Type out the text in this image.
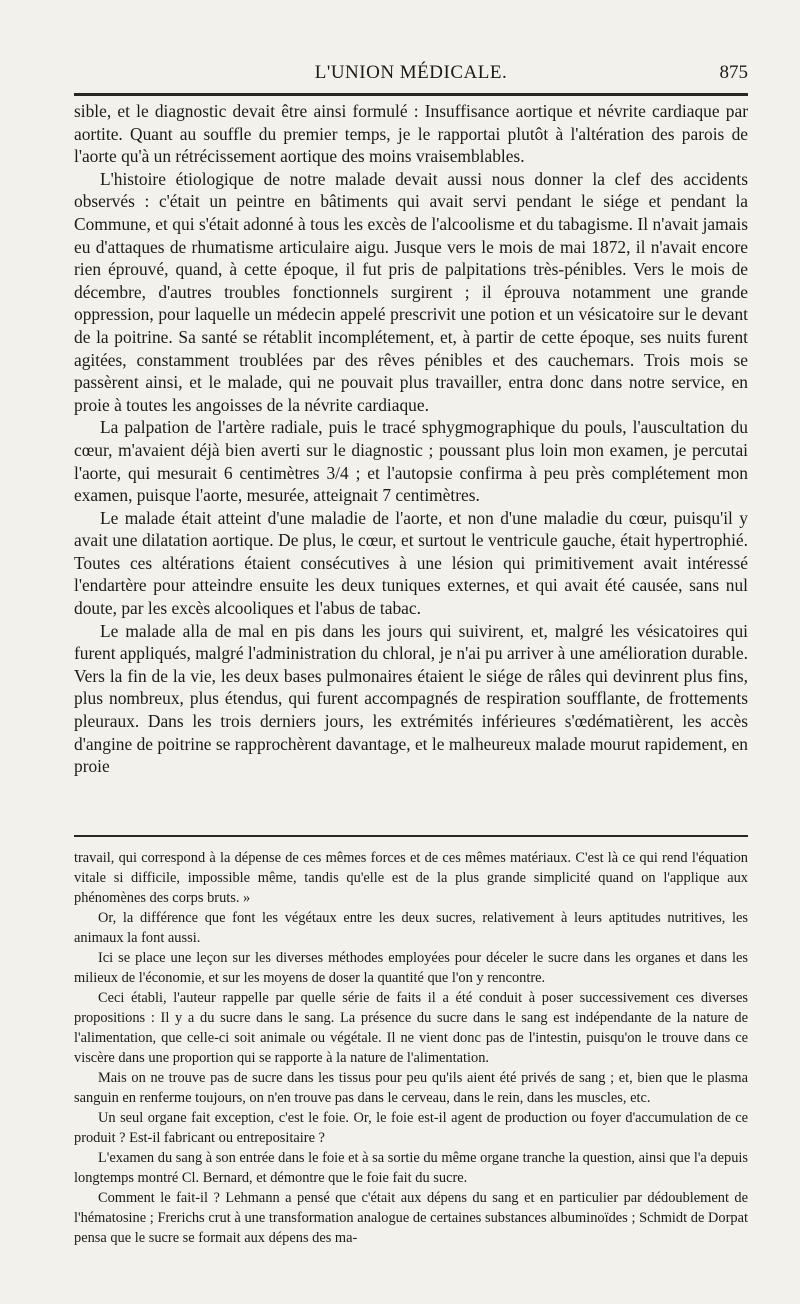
L'UNION MÉDICALE.	875

sible, et le diagnostic devait être ainsi formulé : Insuffisance aortique et névrite cardiaque par aortite. Quant au souffle du premier temps, je le rapportai plutôt à l'altération des parois de l'aorte qu'à un rétrécissement aortique des moins vraisemblables.

L'histoire étiologique de notre malade devait aussi nous donner la clef des accidents observés : c'était un peintre en bâtiments qui avait servi pendant le siége et pendant la Commune, et qui s'était adonné à tous les excès de l'alcoolisme et du tabagisme. Il n'avait jamais eu d'attaques de rhumatisme articulaire aigu. Jusque vers le mois de mai 1872, il n'avait encore rien éprouvé, quand, à cette époque, il fut pris de palpitations très-pénibles. Vers le mois de décembre, d'autres troubles fonctionnels surgirent ; il éprouva notamment une grande oppression, pour laquelle un médecin appelé prescrivit une potion et un vésicatoire sur le devant de la poitrine. Sa santé se rétablit incomplétement, et, à partir de cette époque, ses nuits furent agitées, constamment troublées par des rêves pénibles et des cauchemars. Trois mois se passèrent ainsi, et le malade, qui ne pouvait plus travailler, entra donc dans notre service, en proie à toutes les angoisses de la névrite cardiaque.

La palpation de l'artère radiale, puis le tracé sphygmographique du pouls, l'auscultation du cœur, m'avaient déjà bien averti sur le diagnostic ; poussant plus loin mon examen, je percutai l'aorte, qui mesurait 6 centimètres 3/4 ; et l'autopsie confirma à peu près complétement mon examen, puisque l'aorte, mesurée, atteignait 7 centimètres.

Le malade était atteint d'une maladie de l'aorte, et non d'une maladie du cœur, puisqu'il y avait une dilatation aortique. De plus, le cœur, et surtout le ventricule gauche, était hypertrophié. Toutes ces altérations étaient consécutives à une lésion qui primitivement avait intéressé l'endartère pour atteindre ensuite les deux tuniques externes, et qui avait été causée, sans nul doute, par les excès alcooliques et l'abus de tabac.

Le malade alla de mal en pis dans les jours qui suivirent, et, malgré les vésicatoires qui furent appliqués, malgré l'administration du chloral, je n'ai pu arriver à une amélioration durable. Vers la fin de la vie, les deux bases pulmonaires étaient le siége de râles qui devinrent plus fins, plus nombreux, plus étendus, qui furent accompagnés de respiration soufflante, de frottements pleuraux. Dans les trois derniers jours, les extrémités inférieures s'œdématièrent, les accès d'angine de poitrine se rapprochèrent davantage, et le malheureux malade mourut rapidement, en proie

travail, qui correspond à la dépense de ces mêmes forces et de ces mêmes matériaux. C'est là ce qui rend l'équation vitale si difficile, impossible même, tandis qu'elle est de la plus grande simplicité quand on l'applique aux phénomènes des corps bruts. »

Or, la différence que font les végétaux entre les deux sucres, relativement à leurs aptitudes nutritives, les animaux la font aussi.

Ici se place une leçon sur les diverses méthodes employées pour déceler le sucre dans les organes et dans les milieux de l'économie, et sur les moyens de doser la quantité que l'on y rencontre.

Ceci établi, l'auteur rappelle par quelle série de faits il a été conduit à poser successivement ces diverses propositions : Il y a du sucre dans le sang. La présence du sucre dans le sang est indépendante de la nature de l'alimentation, que celle-ci soit animale ou végétale. Il ne vient donc pas de l'intestin, puisqu'on le trouve dans ce viscère dans une proportion qui se rapporte à la nature de l'alimentation.

Mais on ne trouve pas de sucre dans les tissus pour peu qu'ils aient été privés de sang ; et, bien que le plasma sanguin en renferme toujours, on n'en trouve pas dans le cerveau, dans le rein, dans les muscles, etc.

Un seul organe fait exception, c'est le foie. Or, le foie est-il agent de production ou foyer d'accumulation de ce produit ? Est-il fabricant ou entrepositaire ?

L'examen du sang à son entrée dans le foie et à sa sortie du même organe tranche la question, ainsi que l'a depuis longtemps montré Cl. Bernard, et démontre que le foie fait du sucre.

Comment le fait-il ? Lehmann a pensé que c'était aux dépens du sang et en particulier par dédoublement de l'hématosine ; Frerichs crut à une transformation analogue de certaines substances albuminoïdes ; Schmidt de Dorpat pensa que le sucre se formait aux dépens des ma-
